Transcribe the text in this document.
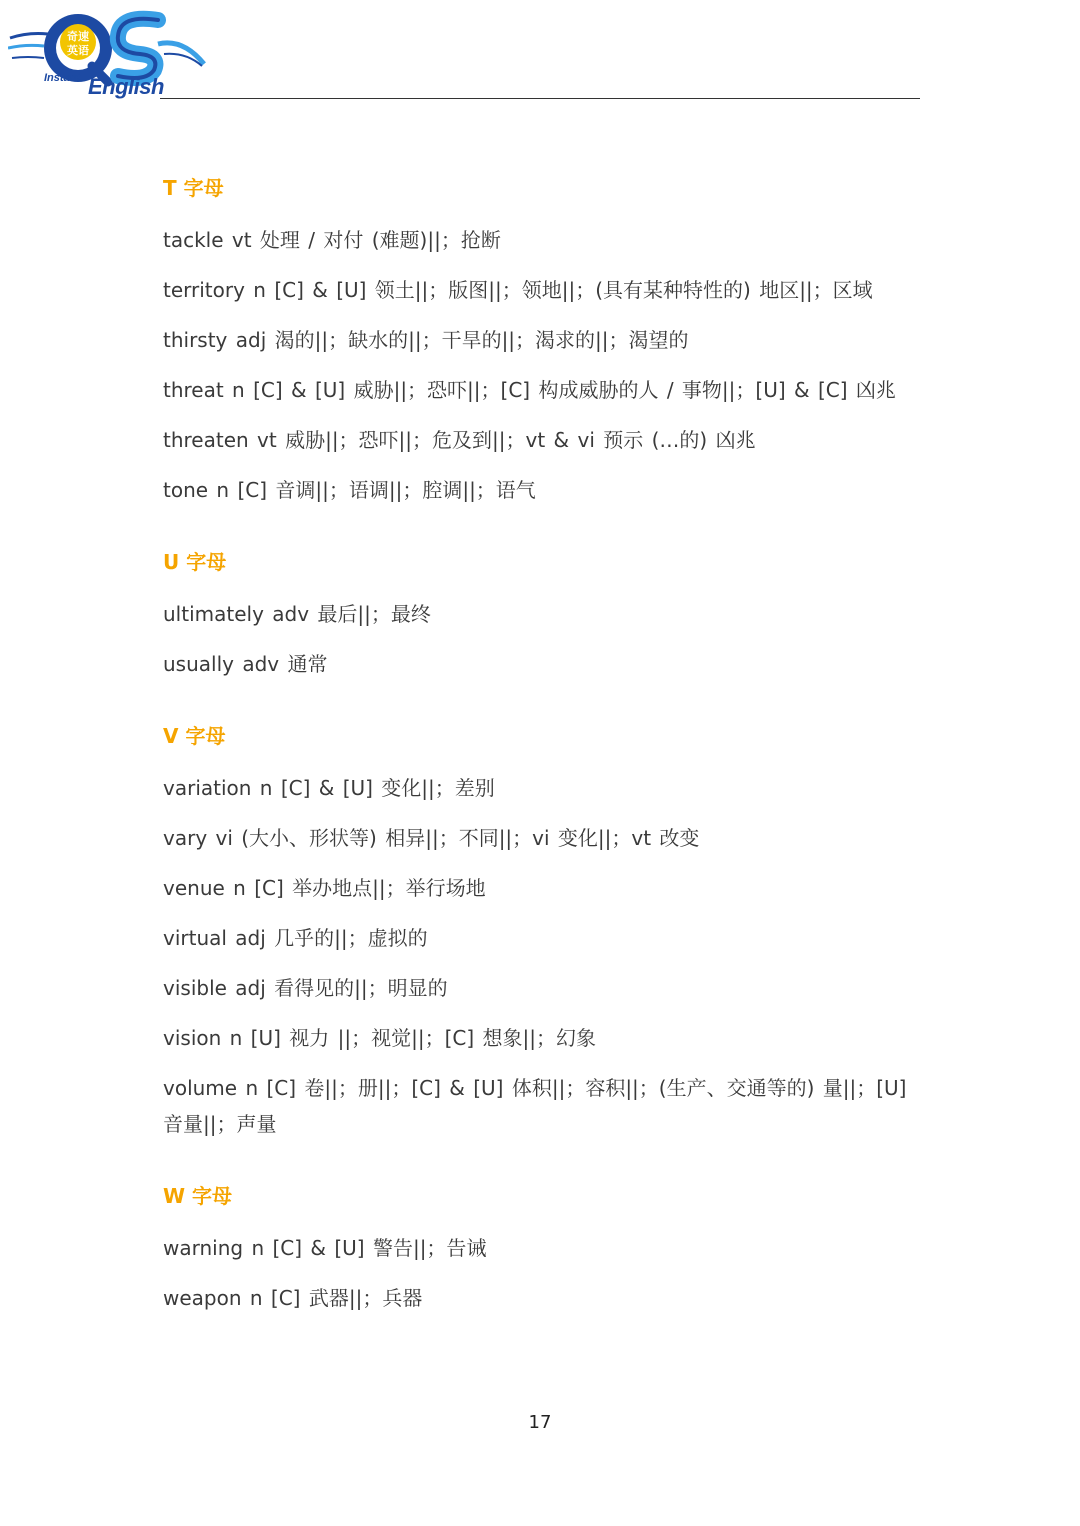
奇速
英语
Instant English
T 字母
tackle vt 处理 / 对付 (难题)||；抢断
territory n [C] & [U] 领土||；版图||；领地||；(具有某种特性的) 地区||；区域
thirsty adj 渴的||；缺水的||；干旱的||；渴求的||；渴望的
threat n [C] & [U] 威胁||；恐吓||；[C] 构成威胁的人 / 事物||；[U] & [C] 凶兆
threaten vt 威胁||；恐吓||；危及到||；vt & vi 预示 (…的) 凶兆
tone n [C] 音调||；语调||；腔调||；语气
U 字母
ultimately adv 最后||；最终
usually adv 通常
V 字母
variation n [C] & [U] 变化||；差别
vary vi (大小、形状等) 相异||；不同||；vi 变化||；vt 改变
venue n [C] 举办地点||；举行场地
virtual adj 几乎的||；虚拟的
visible adj 看得见的||；明显的
vision n [U] 视力 ||；视觉||；[C] 想象||；幻象
volume n [C] 卷||；册||；[C] & [U] 体积||；容积||；(生产、交通等的) 量||；[U] 音量||；声量
W 字母
warning n [C] & [U] 警告||；告诫
weapon n [C] 武器||；兵器
17
